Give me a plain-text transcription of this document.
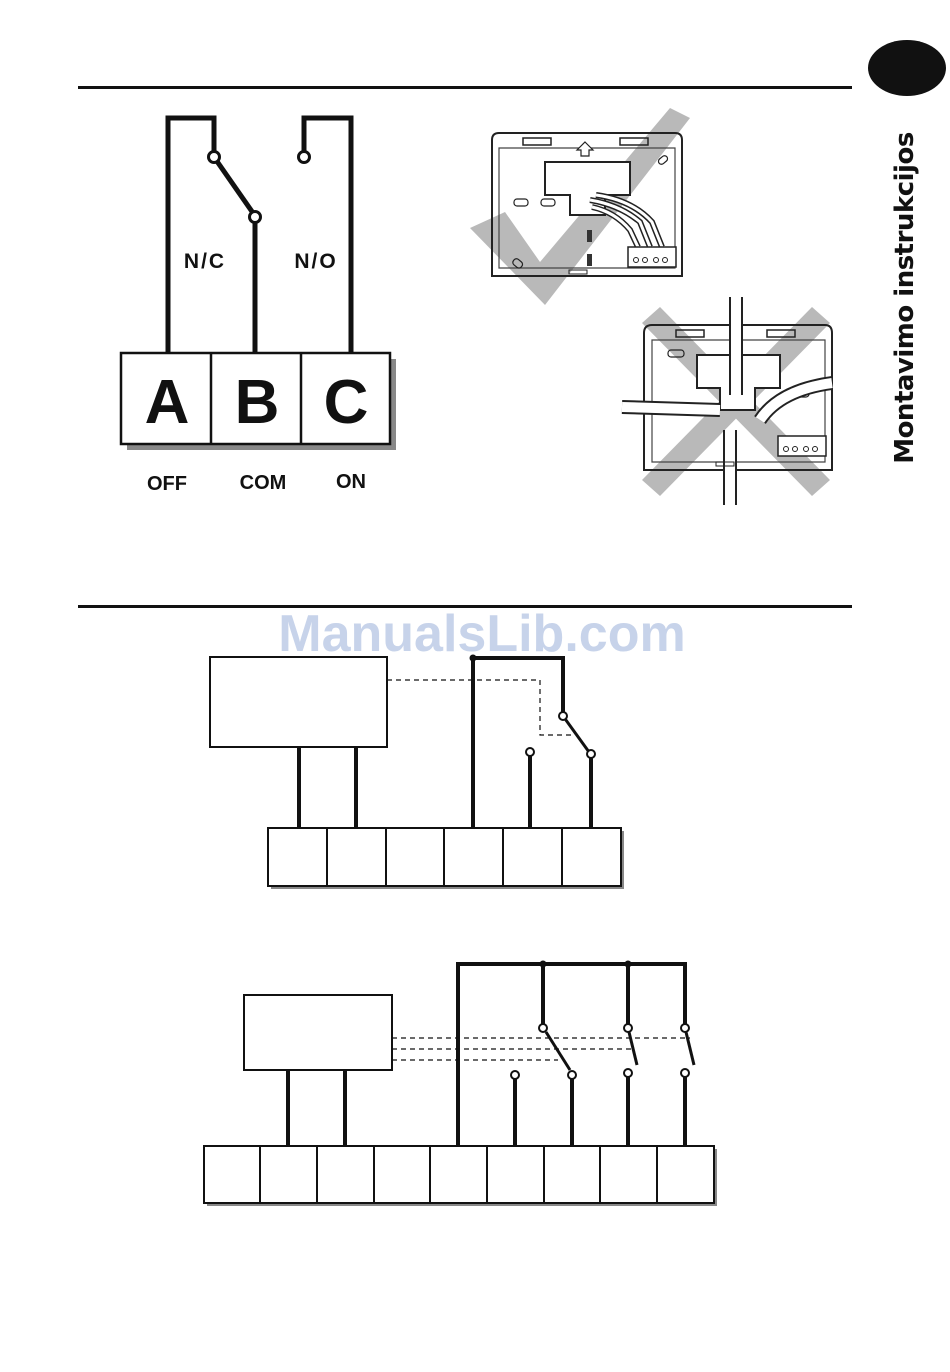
Montavimo instrukcijos
N/C	N/O
A B C
OFF	COM ON
ManualsLib.com
